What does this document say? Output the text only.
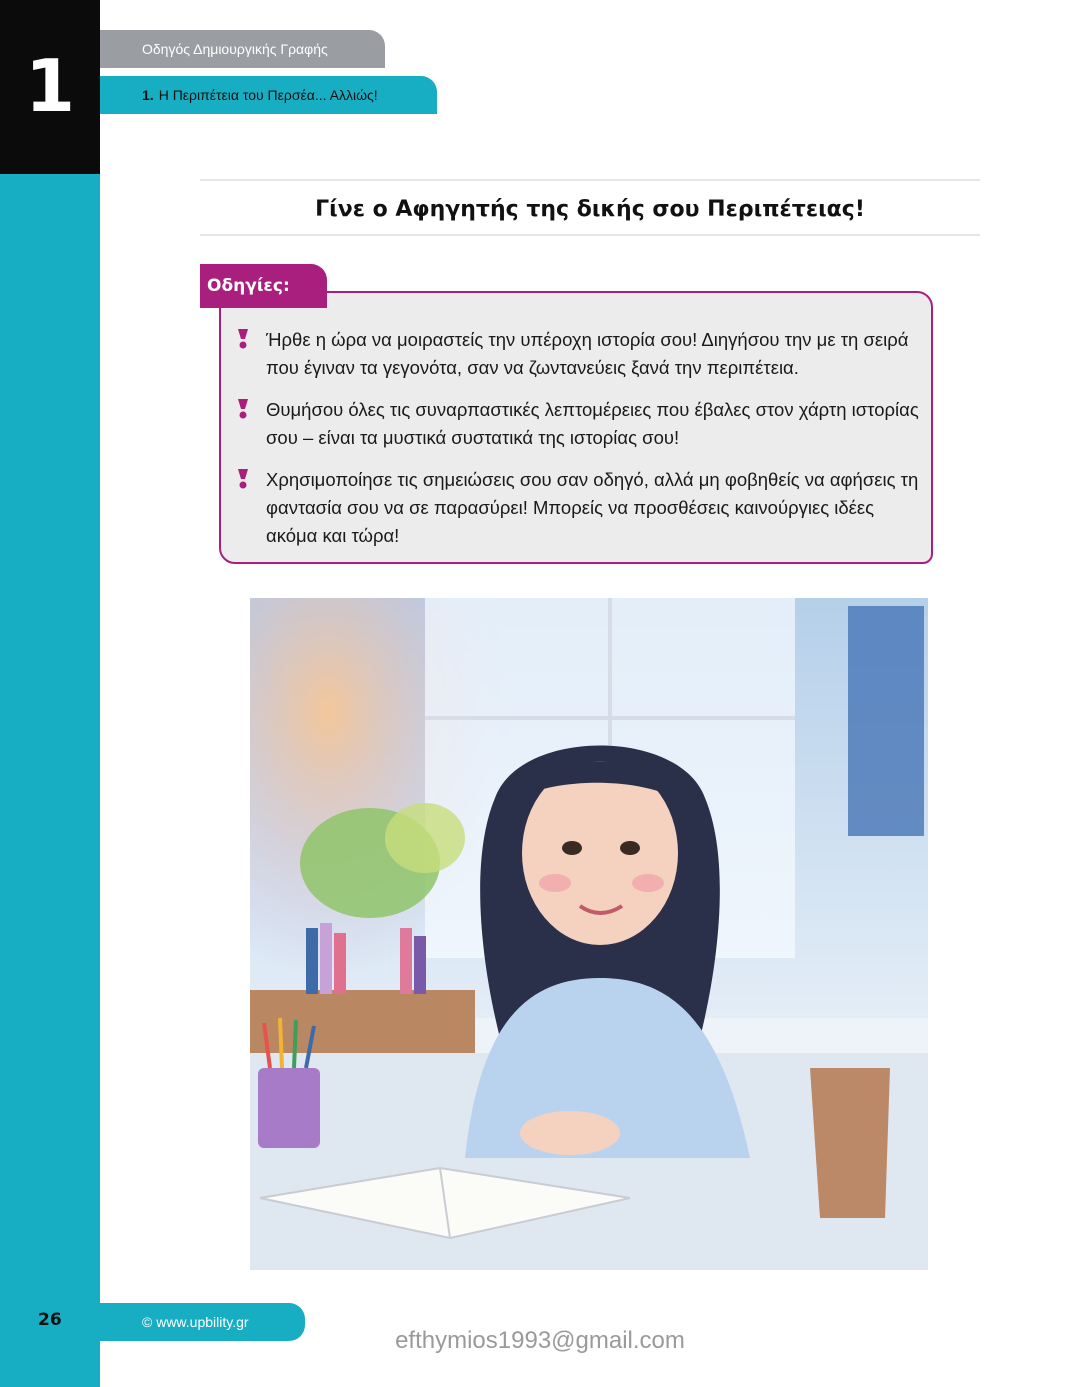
1	Οδηγός Δημιουργικής Γραφής
1. Η Περιπέτεια του Περσέα... Αλλιώς!
Γίνε ο Αφηγητής της δικής σου Περιπέτειας!
Οδηγίες:
Ήρθε η ώρα να μοιραστείς την υπέροχη ιστορία σου! Διηγήσου την με τη σειρά που έγιναν τα γεγονότα, σαν να ζωντανεύεις ξανά την περιπέτεια.
Θυμήσου όλες τις συναρπαστικές λεπτομέρειες που έβαλες στον χάρτη ιστορίας σου – είναι τα μυστικά συστατικά της ιστορίας σου!
Χρησιμοποίησε τις σημειώσεις σου σαν οδηγό, αλλά μη φοβηθείς να αφήσεις τη φαντασία σου να σε παρασύρει! Μπορείς να προσθέσεις καινούργιες ιδέες ακόμα και τώρα!
26	© www.upbility.gr
efthymios1993@gmail.com
